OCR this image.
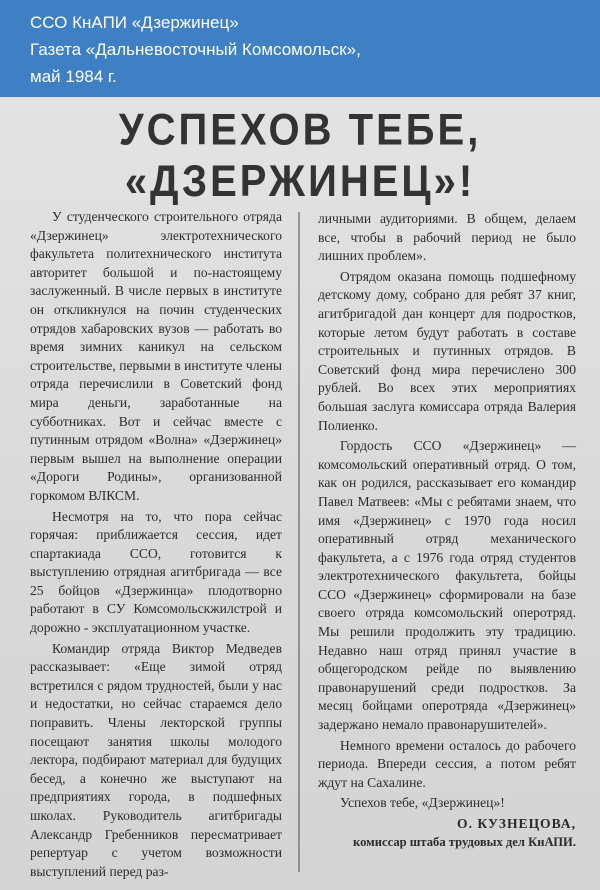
ССО КнАПИ «Дзержинец»
Газета «Дальневосточный Комсомольск»,
май 1984 г.
УСПЕХОВ ТЕБЕ,
«ДЗЕРЖИНЕЦ»!

У студенческого строительного отряда «Дзержинец» электротехнического факультета политехнического института авторитет большой и по-настоящему заслуженный. В числе первых в институте он откликнулся на почин студенческих отрядов хабаровских вузов — работать во время зимних каникул на сельском строительстве, первыми в институте члены отряда перечислили в Советский фонд мира деньги, заработанные на субботниках. Вот и сейчас вместе с путинным отрядом «Волна» «Дзержинец» первым вышел на выполнение операции «Дороги Родины», организованной горкомом ВЛКСМ.

Несмотря на то, что пора сейчас горячая: приближается сессия, идет спартакиада ССО, готовится к выступлению отрядная агитбригада — все 25 бойцов «Дзержинца» плодотворно работают в СУ Комсомольскжилстрой и дорожно - эксплуатационном участке.

Командир отряда Виктор Медведев рассказывает: «Еще зимой отряд встретился с рядом трудностей, были у нас и недостатки, но сейчас стараемся дело поправить. Члены лекторской группы посещают занятия школы молодого лектора, подбирают материал для будущих бесед, а конечно же выступают на предприятиях города, в подшефных школах. Руководитель агитбригады Александр Гребенников пересматривает репертуар с учетом возможности выступлений перед раз-

личными аудиториями. В общем, делаем все, чтобы в рабочий период не было лишних проблем».

Отрядом оказана помощь подшефному детскому дому, собрано для ребят 37 книг, агитбригадой дан концерт для подростков, которые летом будут работать в составе строительных и путинных отрядов. В Советский фонд мира перечислено 300 рублей. Во всех этих мероприятиях большая заслуга комиссара отряда Валерия Полиенко.

Гордость ССО «Дзержинец» — комсомольский оперативный отряд. О том, как он родился, рассказывает его командир Павел Матвеев: «Мы с ребятами знаем, что имя «Дзержинец» с 1970 года носил оперативный отряд механического факультета, а с 1976 года отряд студентов электротехнического факультета, бойцы ССО «Дзержинец» сформировали на базе своего отряда комсомольский оперотряд. Мы решили продолжить эту традицию. Недавно наш отряд принял участие в общегородском рейде по выявлению правонарушений среди подростков. За месяц бойцами оперотряда «Дзержинец» задержано немало правонарушителей».

Немного времени осталось до рабочего периода. Впереди сессия, а потом ребят ждут на Сахалине.

Успехов тебе, «Дзержинец»!

О. КУЗНЕЦОВА,
комиссар штаба трудовых дел КнАПИ.
